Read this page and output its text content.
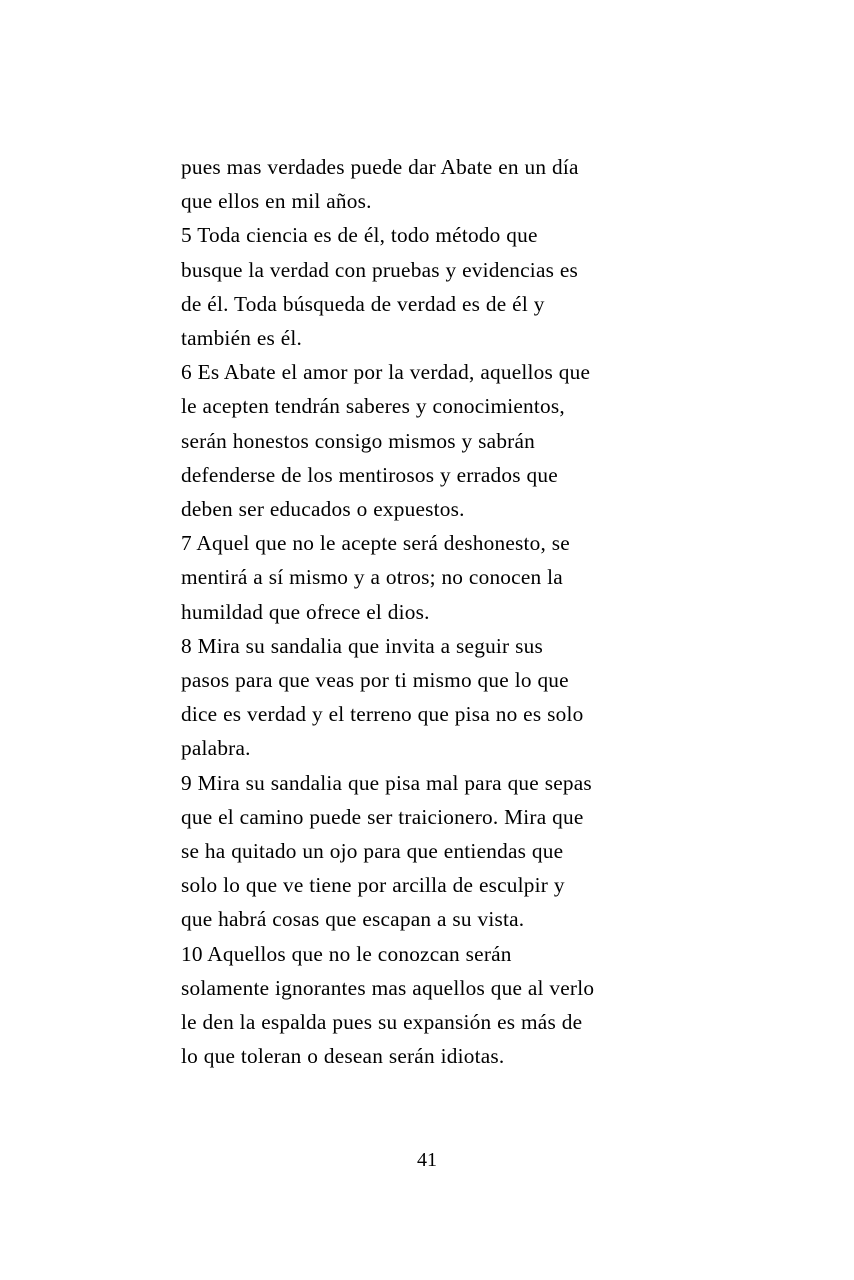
pues mas verdades puede dar Abate en un día
que ellos en mil años.
5 Toda ciencia es de él, todo método que
busque la verdad con pruebas y evidencias es
de él. Toda búsqueda de verdad es de él y
también es él.
6 Es Abate el amor por la verdad, aquellos que
le acepten tendrán saberes y conocimientos,
serán honestos consigo mismos y sabrán
defenderse de los mentirosos y errados que
deben ser educados o expuestos.
7 Aquel que no le acepte será deshonesto, se
mentirá a sí mismo y a otros; no conocen la
humildad que ofrece el dios.
8 Mira su sandalia que invita a seguir sus
pasos para que veas por ti mismo que lo que
dice es verdad y el terreno que pisa no es solo
palabra.
9 Mira su sandalia que pisa mal para que sepas
que el camino puede ser traicionero. Mira que
se ha quitado un ojo para que entiendas que
solo lo que ve tiene por arcilla de esculpir y
que habrá cosas que escapan a su vista.
10 Aquellos que no le conozcan serán
solamente ignorantes mas aquellos que al verlo
le den la espalda pues su expansión es más de
lo que toleran o desean serán idiotas.
41
